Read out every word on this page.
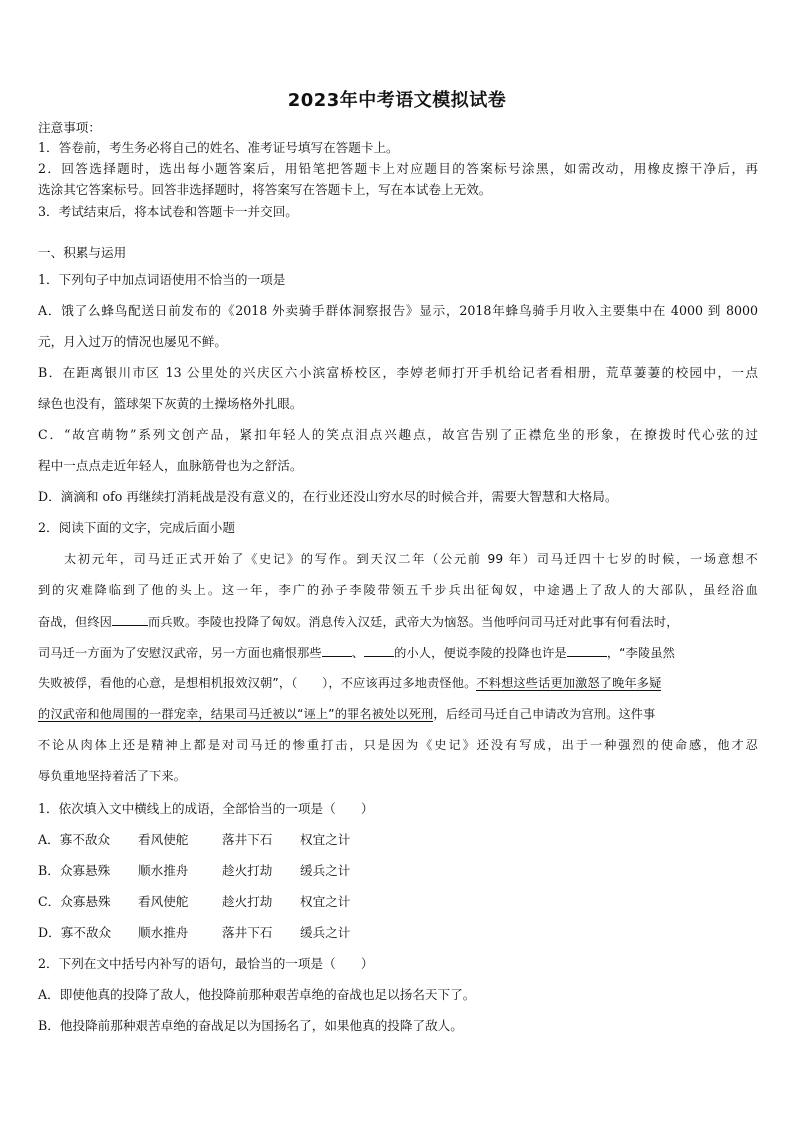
2023年中考语文模拟试卷
注意事项：
1．答卷前，考生务必将自己的姓名、准考证号填写在答题卡上。
2．回答选择题时，选出每小题答案后，用铅笔把答题卡上对应题目的答案标号涂黑，如需改动，用橡皮擦干净后，再
选涂其它答案标号。回答非选择题时，将答案写在答题卡上，写在本试卷上无效。
3．考试结束后，将本试卷和答题卡一并交回。
一、积累与运用
1．下列句子中加点词语使用不恰当的一项是
A．饿了么蜂鸟配送日前发布的《2018 外卖骑手群体洞察报告》显示，2018年蜂鸟骑手月收入主要集中在 4000 到 8000
元，月入过万的情况也屡见不鲜。
B．在距离银川市区 13 公里处的兴庆区六小滨富桥校区，李婷老师打开手机给记者看相册，荒草萋萋的校园中，一点
绿色也没有，篮球架下灰黄的土操场格外扎眼。
C．“故宫萌物”系列文创产品，紧扣年轻人的笑点泪点兴趣点，故宫告别了正襟危坐的形象，在撩拨时代心弦的过
程中一点点走近年轻人，血脉筋骨也为之舒活。
D．滴滴和 ofo 再继续打消耗战是没有意义的，在行业还没山穷水尽的时候合并，需要大智慧和大格局。
2．阅读下面的文字，完成后面小题
太初元年，司马迁正式开始了《史记》的写作。到天汉二年（公元前 99 年）司马迁四十七岁的时候，一场意想不
到的灾难降临到了他的头上。这一年，李广的孙子李陵带领五千步兵出征匈奴，中途遇上了敌人的大部队，虽经浴血
奋战，但终因	而兵败。李陵也投降了匈奴。消息传入汉廷，武帝大为恼怒。当他呼问司马迁对此事有何看法时，
司马迁一方面为了安慰汉武帝，另一方面也痛恨那些 、 的小人，便说李陵的投降也许是	，“李陵虽然
失败被俘，看他的心意，是想相机报效汉朝”，（　　），不应该再过多地责怪他。不料想这些话更加激怒了晚年多疑
的汉武帝和他周围的一群宠幸，结果司马迁被以“诬上”的罪名被处以死刑，后经司马迁自己申请改为宫刑。这件事
不论从肉体上还是精神上都是对司马迁的惨重打击，只是因为《史记》还没有写成，出于一种强烈的使命感，他才忍
辱负重地坚持着活了下来。
1．依次填入文中横线上的成语，全部恰当的一项是（　　）
A．寡不敌众 看风使舵	落井下石 权宜之计
B．众寡悬殊 顺水推舟	趁火打劫 缓兵之计
C．众寡悬殊 看风使舵	趁火打劫 权宜之计
D．寡不敌众 顺水推舟	落井下石 缓兵之计
2．下列在文中括号内补写的语句，最恰当的一项是（　　）
A．即使他真的投降了敌人，他投降前那种艰苦卓绝的奋战也足以扬名天下了。
B．他投降前那种艰苦卓绝的奋战足以为国扬名了，如果他真的投降了敌人。
